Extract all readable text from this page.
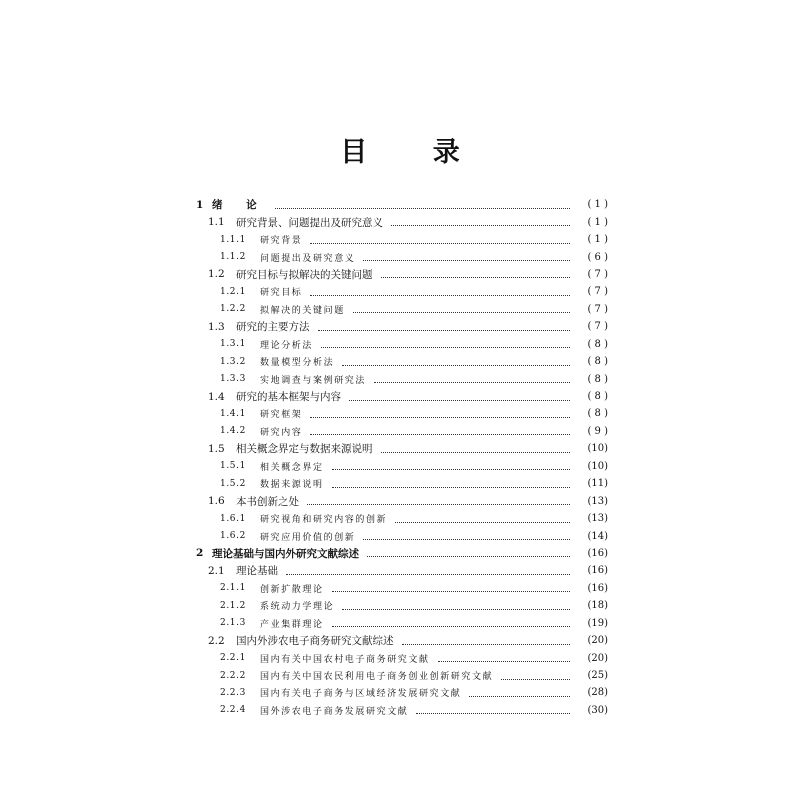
目 录
1 绪 论	( 1 )
1.1	研究背景、问题提出及研究意义	( 1 )
1.1.1	研究背景	( 1 )
1.1.2	问题提出及研究意义	( 6 )
1.2	研究目标与拟解决的关键问题	( 7 )
1.2.1	研究目标	( 7 )
1.2.2	拟解决的关键问题	( 7 )
1.3	研究的主要方法	( 7 )
1.3.1	理论分析法	( 8 )
1.3.2	数量模型分析法	( 8 )
1.3.3	实地调查与案例研究法	( 8 )
1.4	研究的基本框架与内容	( 8 )
1.4.1	研究框架	( 8 )
1.4.2	研究内容	( 9 )
1.5	相关概念界定与数据来源说明	(10)
1.5.1	相关概念界定	(10)
1.5.2	数据来源说明	(11)
1.6	本书创新之处	(13)
1.6.1	研究视角和研究内容的创新	(13)
1.6.2	研究应用价值的创新	(14)
2 理论基础与国内外研究文献综述	(16)
2.1	理论基础	(16)
2.1.1	创新扩散理论	(16)
2.1.2	系统动力学理论	(18)
2.1.3	产业集群理论	(19)
2.2	国内外涉农电子商务研究文献综述	(20)
2.2.1	国内有关中国农村电子商务研究文献	(20)
2.2.2	国内有关中国农民利用电子商务创业创新研究文献	(25)
2.2.3	国内有关电子商务与区域经济发展研究文献	(28)
2.2.4	国外涉农电子商务发展研究文献	(30)
